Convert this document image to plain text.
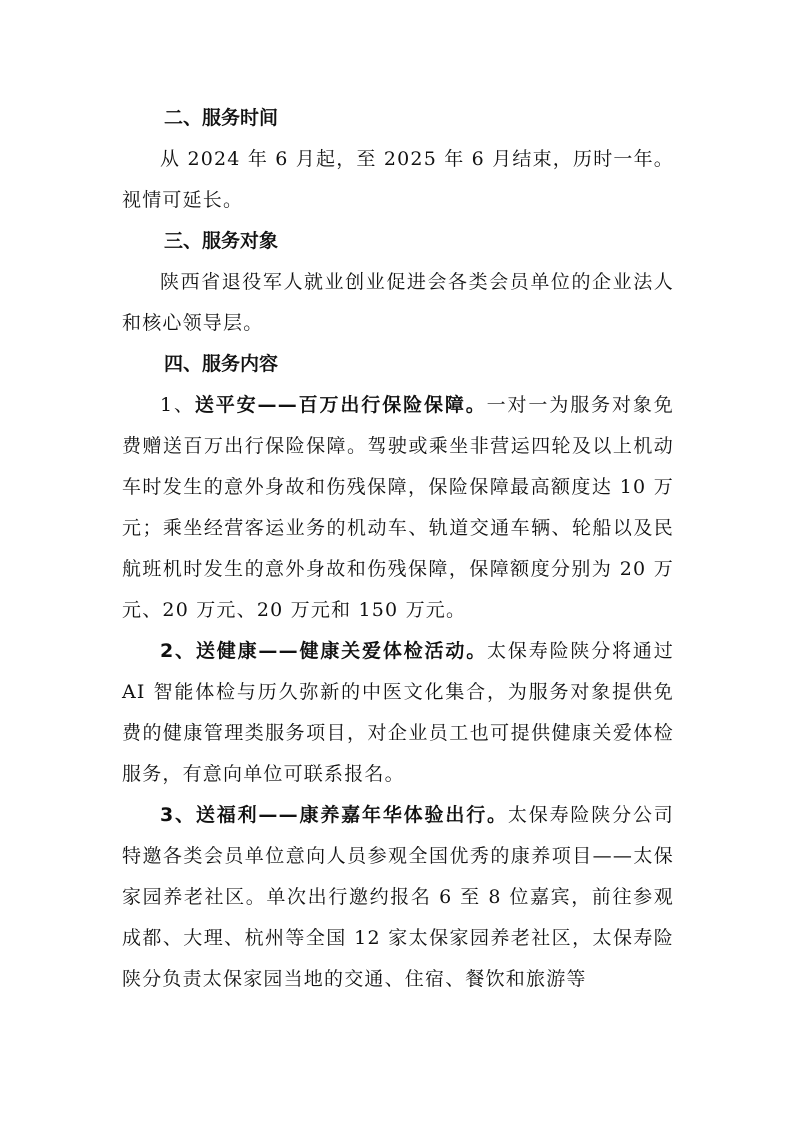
二、服务时间

从 2024 年 6 月起，至 2025 年 6 月结束，历时一年。视情可延长。

三、服务对象

陕西省退役军人就业创业促进会各类会员单位的企业法人和核心领导层。

四、服务内容

1、送平安——百万出行保险保障。一对一为服务对象免费赠送百万出行保险保障。驾驶或乘坐非营运四轮及以上机动车时发生的意外身故和伤残保障，保险保障最高额度达 10 万元；乘坐经营客运业务的机动车、轨道交通车辆、轮船以及民航班机时发生的意外身故和伤残保障，保障额度分别为 20 万元、20 万元、20 万元和 150 万元。

2、送健康——健康关爱体检活动。太保寿险陕分将通过 AI 智能体检与历久弥新的中医文化集合，为服务对象提供免费的健康管理类服务项目，对企业员工也可提供健康关爱体检服务，有意向单位可联系报名。

3、送福利——康养嘉年华体验出行。太保寿险陕分公司特邀各类会员单位意向人员参观全国优秀的康养项目——太保家园养老社区。单次出行邀约报名 6 至 8 位嘉宾，前往参观成都、大理、杭州等全国 12 家太保家园养老社区，太保寿险陕分负责太保家园当地的交通、住宿、餐饮和旅游等
